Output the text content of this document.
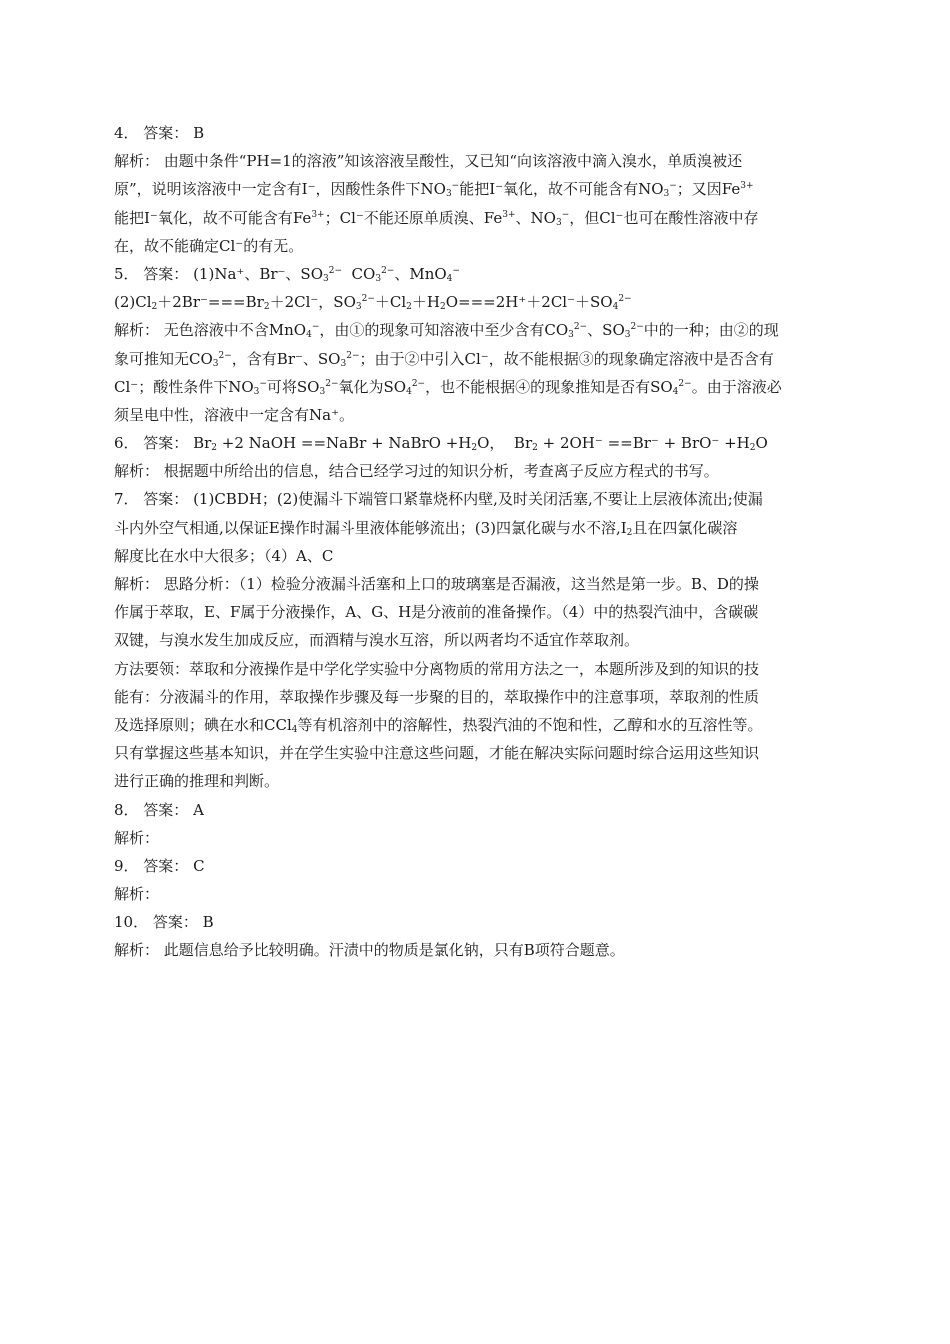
4． 答案： B
解析： 由题中条件“PH=1的溶液”知该溶液呈酸性，又已知“向该溶液中滴入溴水，单质溴被还
原”，说明该溶液中一定含有I⁻，因酸性条件下$NO_3^-$能把I⁻氧化，故不可能含有$NO_3^-$；又因$Fe^{3+}$
能把I⁻氧化，故不可能含有$Fe^{3+}$；Cl⁻不能还原单质溴、$Fe^{3+}$、$NO_3^-$，但Cl⁻也可在酸性溶液中存
在，故不能确定Cl⁻的有无。
5． 答案： (1)Na⁺、Br⁻、$SO_3^{2-}$  $CO_3^{2-}$、MnO$_4$−
$(2)Cl_2+2Br^-===Br_2+2Cl^-$，$SO_3^{2-}+Cl_2+H_2O===2H^++2Cl^-+SO_4^{2-}$
解析： 无色溶液中不含MnO$_4$−，由①的现象可知溶液中至少含有$CO_3^{2-}$、$SO_3^{2-}$中的一种；由②的现
象可推知无$CO_3^{2-}$，含有Br⁻、$SO_3^{2-}$；由于②中引入Cl⁻，故不能根据③的现象确定溶液中是否含有
Cl⁻；酸性条件下$NO_3^-$可将$SO_3^{2-}$氧化为$SO_4^{2-}$，也不能根据④的现象推知是否有$SO_4^{2-}$。由于溶液必
须呈电中性，溶液中一定含有Na⁺。
6． 答案： $Br_2 +2$ NaOH ==NaBr + NaBrO $+H_2O$，  $Br_2 + 2OH^- ==Br^- + BrO^- +H_2O$
解析： 根据题中所给出的信息，结合已经学习过的知识分析，考查离子反应方程式的书写。
7． 答案： (1)CBDH；(2)使漏斗下端管口紧靠烧杯内壁,及时关闭活塞,不要让上层液体流出;使漏
斗内外空气相通,以保证E操作时漏斗里液体能够流出；(3)四氯化碳与水不溶$,I_2$且在四氯化碳溶
解度比在水中大很多；（4）A、C
解析： 思路分析：（1）检验分液漏斗活塞和上口的玻璃塞是否漏液，这当然是第一步。B、D的操
作属于萃取，E、F属于分液操作，A、G、H是分液前的准备操作。（4）中的热裂汽油中，含碳碳
双键，与溴水发生加成反应，而酒精与溴水互溶，所以两者均不适宜作萃取剂。
方法要领：萃取和分液操作是中学化学实验中分离物质的常用方法之一，本题所涉及到的知识的技
能有：分液漏斗的作用，萃取操作步骤及每一步聚的目的，萃取操作中的注意事项，萃取剂的性质
及选择原则；碘在水和CCl$_4$等有机溶剂中的溶解性，热裂汽油的不饱和性，乙醇和水的互溶性等。
只有掌握这些基本知识，并在学生实验中注意这些问题，才能在解决实际问题时综合运用这些知识
进行正确的推理和判断。
8． 答案： A
解析：
9． 答案： C
解析：
10． 答案： B
解析： 此题信息给予比较明确。汗渍中的物质是氯化钠，只有B项符合题意。
